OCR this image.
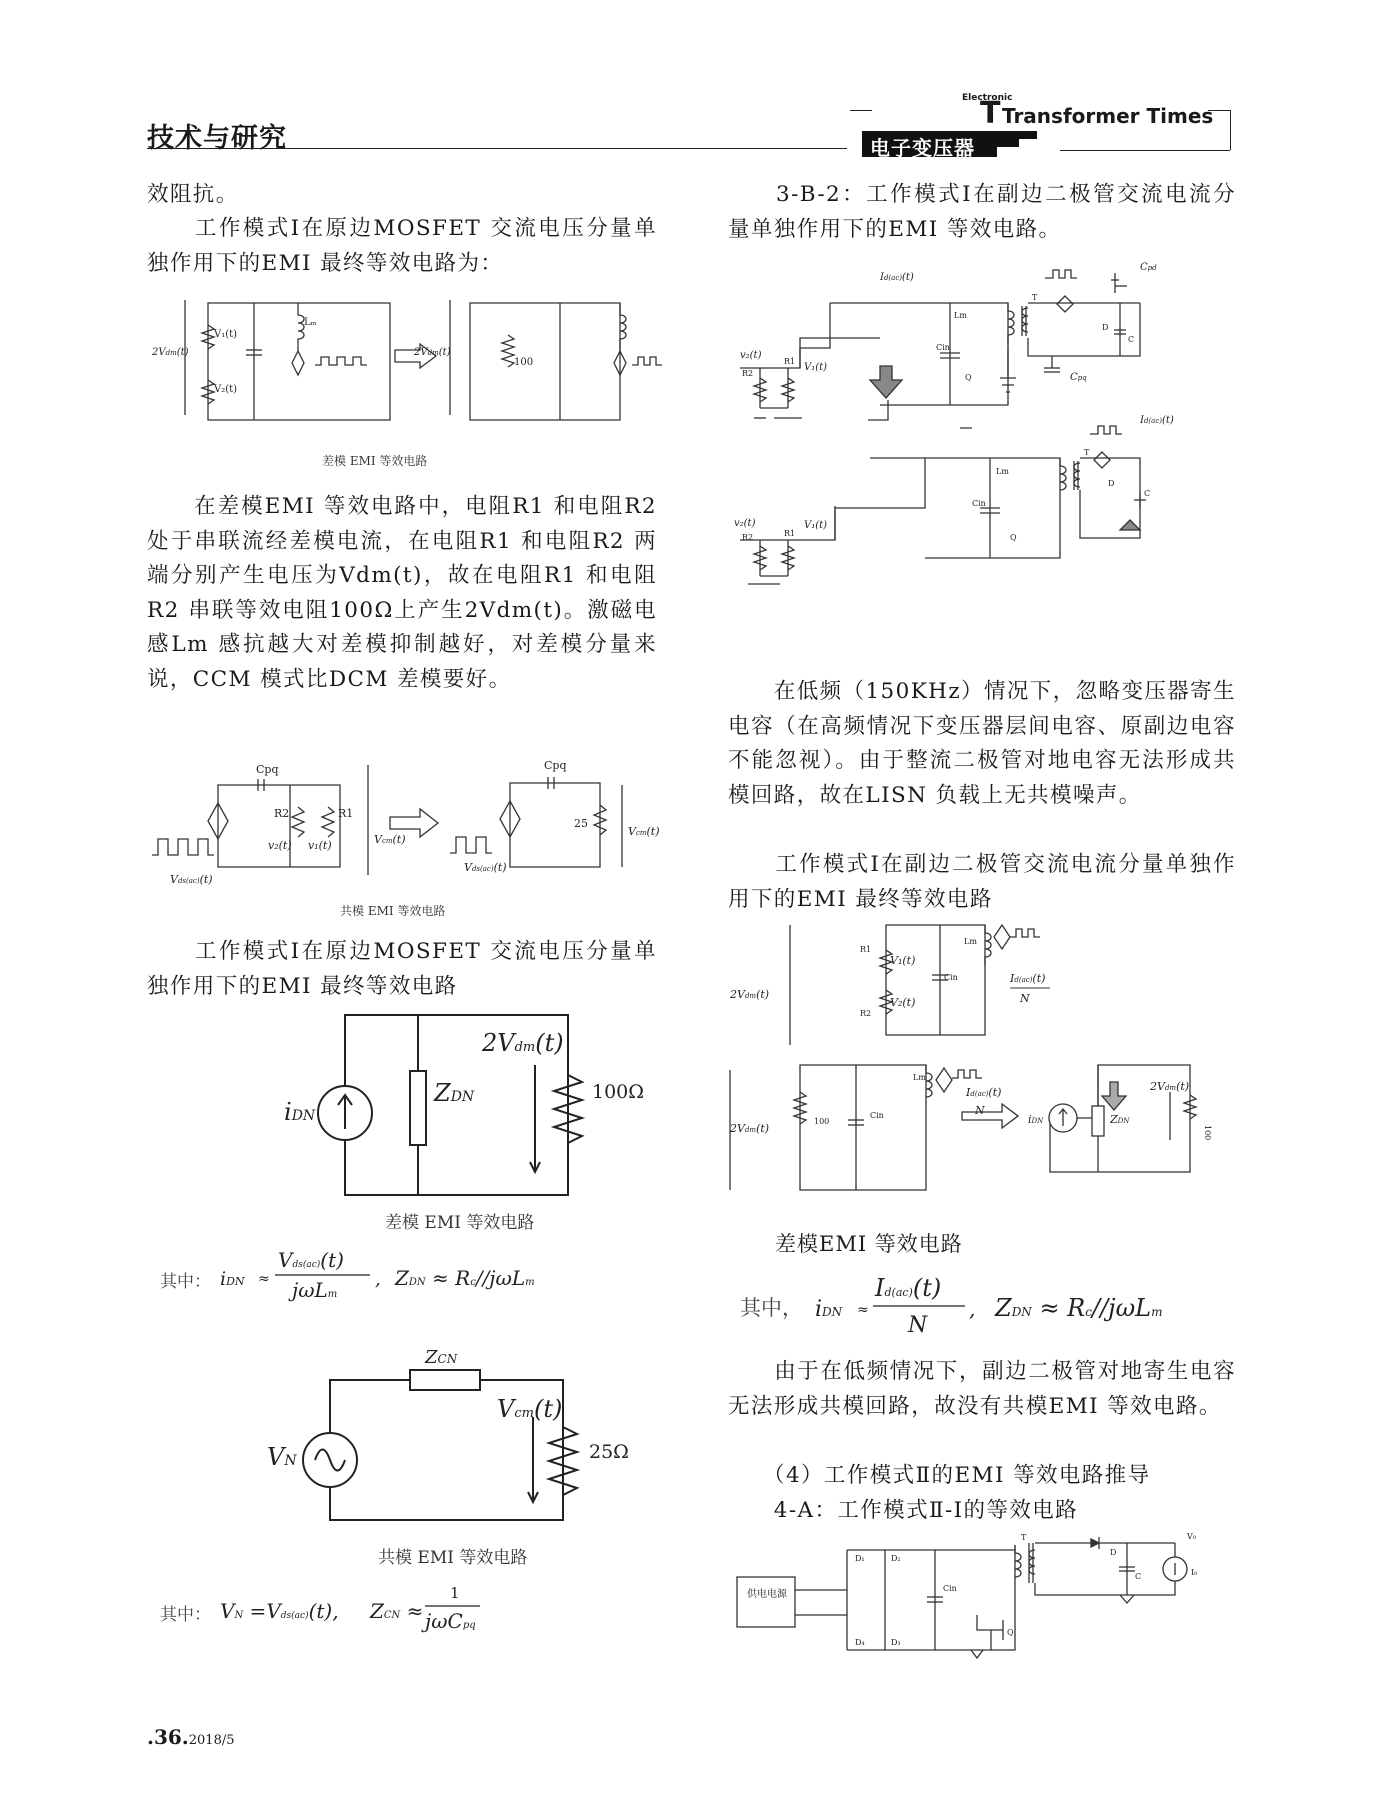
技术与研究
Electronic
Transformer Times
T
电子变压器
效阻抗。
　　工作模式Ⅰ在原边MOSFET 交流电压分量单独作用下的EMI 最终等效电路为：
2Vdm(t)
V₁(t)
V₂(t)
Lₘ
2Vdm(t)
100
差模 EMI 等效电路
　　在差模EMI 等效电路中，电阻R1 和电阻R2 处于串联流经差模电流，在电阻R1 和电阻R2 两端分别产生电压为Vdm(t)，故在电阻R1 和电阻R2 串联等效电阻100Ω上产生2Vdm(t)。激磁电感Lm 感抗越大对差模抑制越好，对差模分量来说，CCM 模式比DCM 差模要好。
Cpq	Cpq
R2	R1
v₂(t) v₁(t)	Vcm(t)
Vds(ac)(t)
25
Vcm(t)
Vds(ac)(t)
共模 EMI 等效电路
　　工作模式Ⅰ在原边MOSFET 交流电压分量单独作用下的EMI 最终等效电路
iDN
ZDN
2Vdm(t)
100Ω
差模 EMI 等效电路
其中： iDN ≈
Vds(ac)(t)
jωLm
, ZDN ≈ Rc//jωLm
ZCN
VN
Vcm(t)
25Ω
共模 EMI 等效电路
其中： VN =Vds(ac)(t), ZCN ≈
1
jωCpq
　　3-B-2：工作模式Ⅰ在副边二极管交流电流分量单独作用下的EMI 等效电路。
Id(ac)(t)
Cpd
Cpq
v₂(t)
V₁(t)
v₂(t)	V₁(t)
Id(ac)(t)
Lm
Cin
Q
D
C
T
Lm
Cin
Q
D
C
T
R2
R1
R2	R1
　　在低频（150KHz）情况下，忽略变压器寄生电容（在高频情况下变压器层间电容、原副边电容不能忽视）。由于整流二极管对地电容无法形成共模回路，故在LISN 负载上无共模噪声。
　　工作模式Ⅰ在副边二极管交流电流分量单独作用下的EMI 最终等效电路
2Vdm(t)
V₁(t)
V₂(t)
Id(ac)(t)
N
2Vdm(t)
Id(ac)(t)
N
iDN	ZDN
2Vdm(t)
R1
R2
Lm
Cin
100
Cin
Lm
100
差模EMI 等效电路
其中， iDN ≈
Id(ac)(t)
N
, ZDN ≈ Rc//jωLm
　　由于在低频情况下，副边二极管对地寄生电容无法形成共模回路，故没有共模EMI 等效电路。
　　（4）工作模式Ⅱ的EMI 等效电路推导
　　4-A：工作模式Ⅱ-Ⅰ的等效电路
D₁	D₂
D₄	D₃
Cin
T
D
C
V₀
I₀
Q
供电电源
.36.2018/5
